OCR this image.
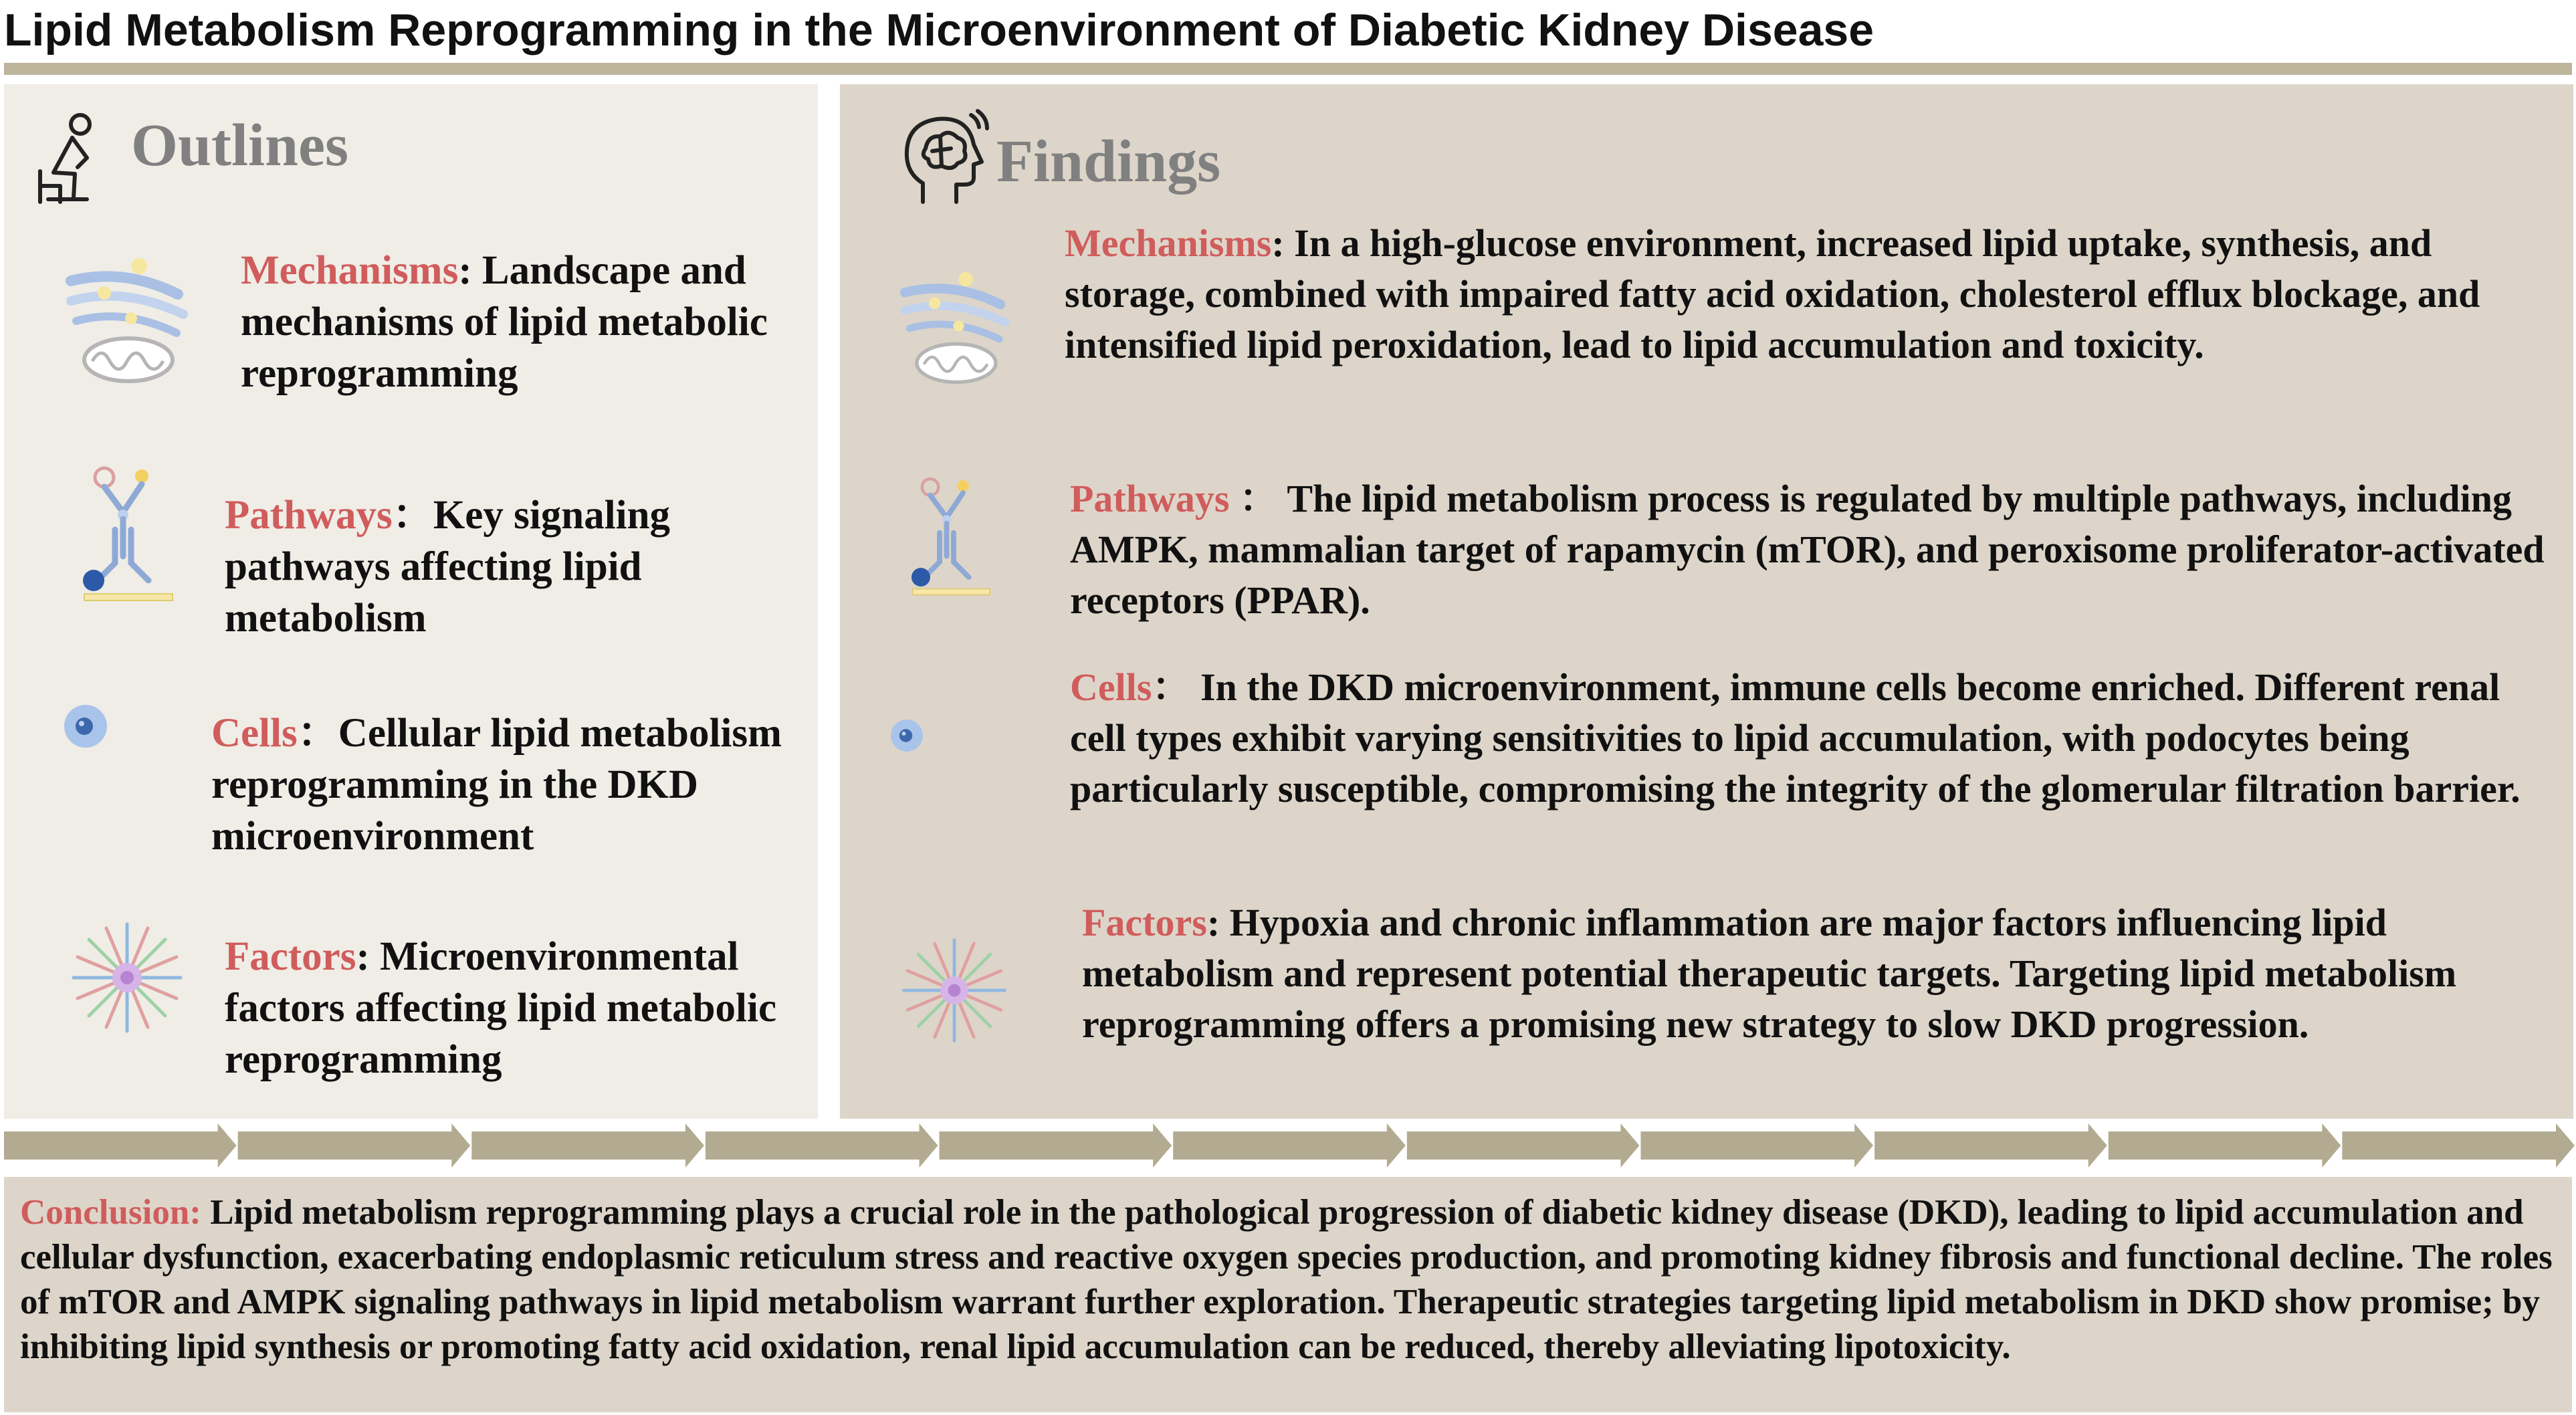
Lipid Metabolism Reprogramming in the Microenvironment of Diabetic Kidney Disease
Outlines
Mechanisms: Landscape and mechanisms of lipid metabolic reprogramming
Pathways：Key signaling pathways affecting lipid metabolism
Cells：Cellular lipid metabolism reprogramming in the DKD microenvironment
Factors: Microenvironmental factors affecting lipid metabolic reprogramming
Findings
Mechanisms: In a high-glucose environment, increased lipid uptake, synthesis, and storage, combined with impaired fatty acid oxidation, cholesterol efflux blockage, and intensified lipid peroxidation, lead to lipid accumulation and toxicity.
Pathways ： The lipid metabolism process is regulated by multiple pathways, including AMPK, mammalian target of rapamycin (mTOR), and peroxisome proliferator-activated receptors (PPAR).
Cells： In the DKD microenvironment, immune cells become enriched. Different renal cell types exhibit varying sensitivities to lipid accumulation, with podocytes being particularly susceptible, compromising the integrity of the glomerular filtration barrier.
Factors: Hypoxia and chronic inflammation are major factors influencing lipid metabolism and represent potential therapeutic targets. Targeting lipid metabolism reprogramming offers a promising new strategy to slow DKD progression.
Conclusion: Lipid metabolism reprogramming plays a crucial role in the pathological progression of diabetic kidney disease (DKD), leading to lipid accumulation and cellular dysfunction, exacerbating endoplasmic reticulum stress and reactive oxygen species production, and promoting kidney fibrosis and functional decline. The roles of mTOR and AMPK signaling pathways in lipid metabolism warrant further exploration. Therapeutic strategies targeting lipid metabolism in DKD show promise; by inhibiting lipid synthesis or promoting fatty acid oxidation, renal lipid accumulation can be reduced, thereby alleviating lipotoxicity.
